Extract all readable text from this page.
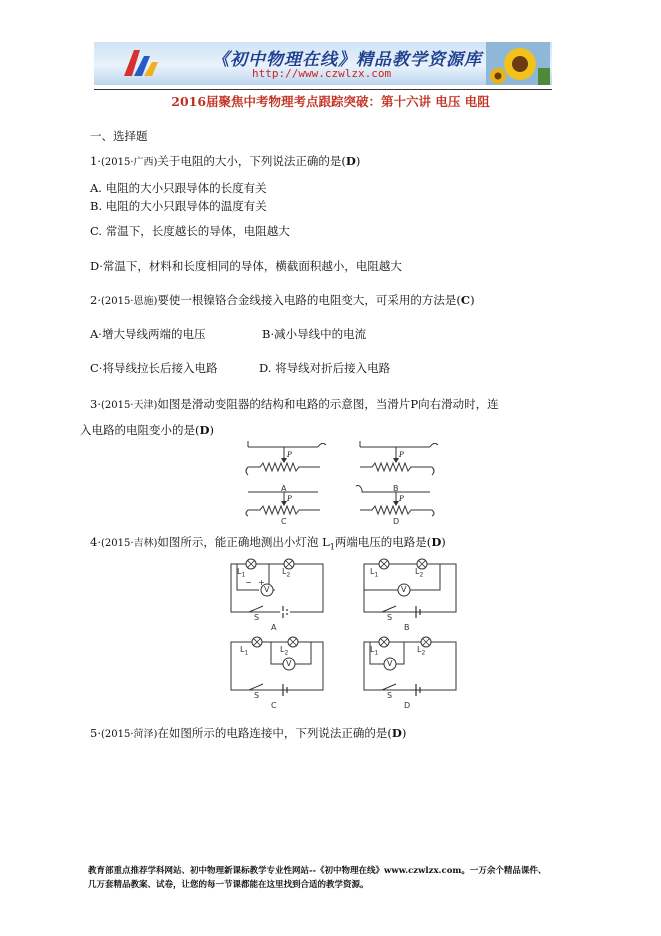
《初中物理在线》精品教学资源库
http://www.czwlzx.com
2016届聚焦中考物理考点跟踪突破：第十六讲 电压 电阻
一、选择题
1·(2015·广西)关于电阻的大小，下列说法正确的是(D)
A. 电阻的大小只跟导体的长度有关
B. 电阻的大小只跟导体的温度有关
C. 常温下，长度越长的导体，电阻越大
D·常温下，材料和长度相同的导体，横截面积越小，电阻越大
2·(2015·恩施)要使一根镍铬合金线接入电路的电阻变大，可采用的方法是(C)
A·增大导线两端的电压	B·减小导线中的电流
C·将导线拉长后接入电路	D. 将导线对折后接入电路
3·(2015·天津)如图是滑动变阻器的结构和电路的示意图，当滑片P向右滑动时，连
入电路的电阻变小的是(D)
P
A
P
B
P
C
P
D
4·(2015·吉林)如图所示，能正确地测出小灯泡 $L_1$两端电压的电路是(D)
$L_1$	$L_2$
V
+
−
S
A
$L_1$	$L_2$
V
S
B
$L_1$	$L_2$
V
S
C
$L_1$	$L_2$
V
S
D
5·(2015·菏泽)在如图所示的电路连接中，下列说法正确的是(D)
教育部重点推荐学科网站、初中物理新课标教学专业性网站--《初中物理在线》www.czwlzx.com。一万余个精品课件、
几万套精品教案、试卷，让您的每一节课都能在这里找到合适的教学资源。
